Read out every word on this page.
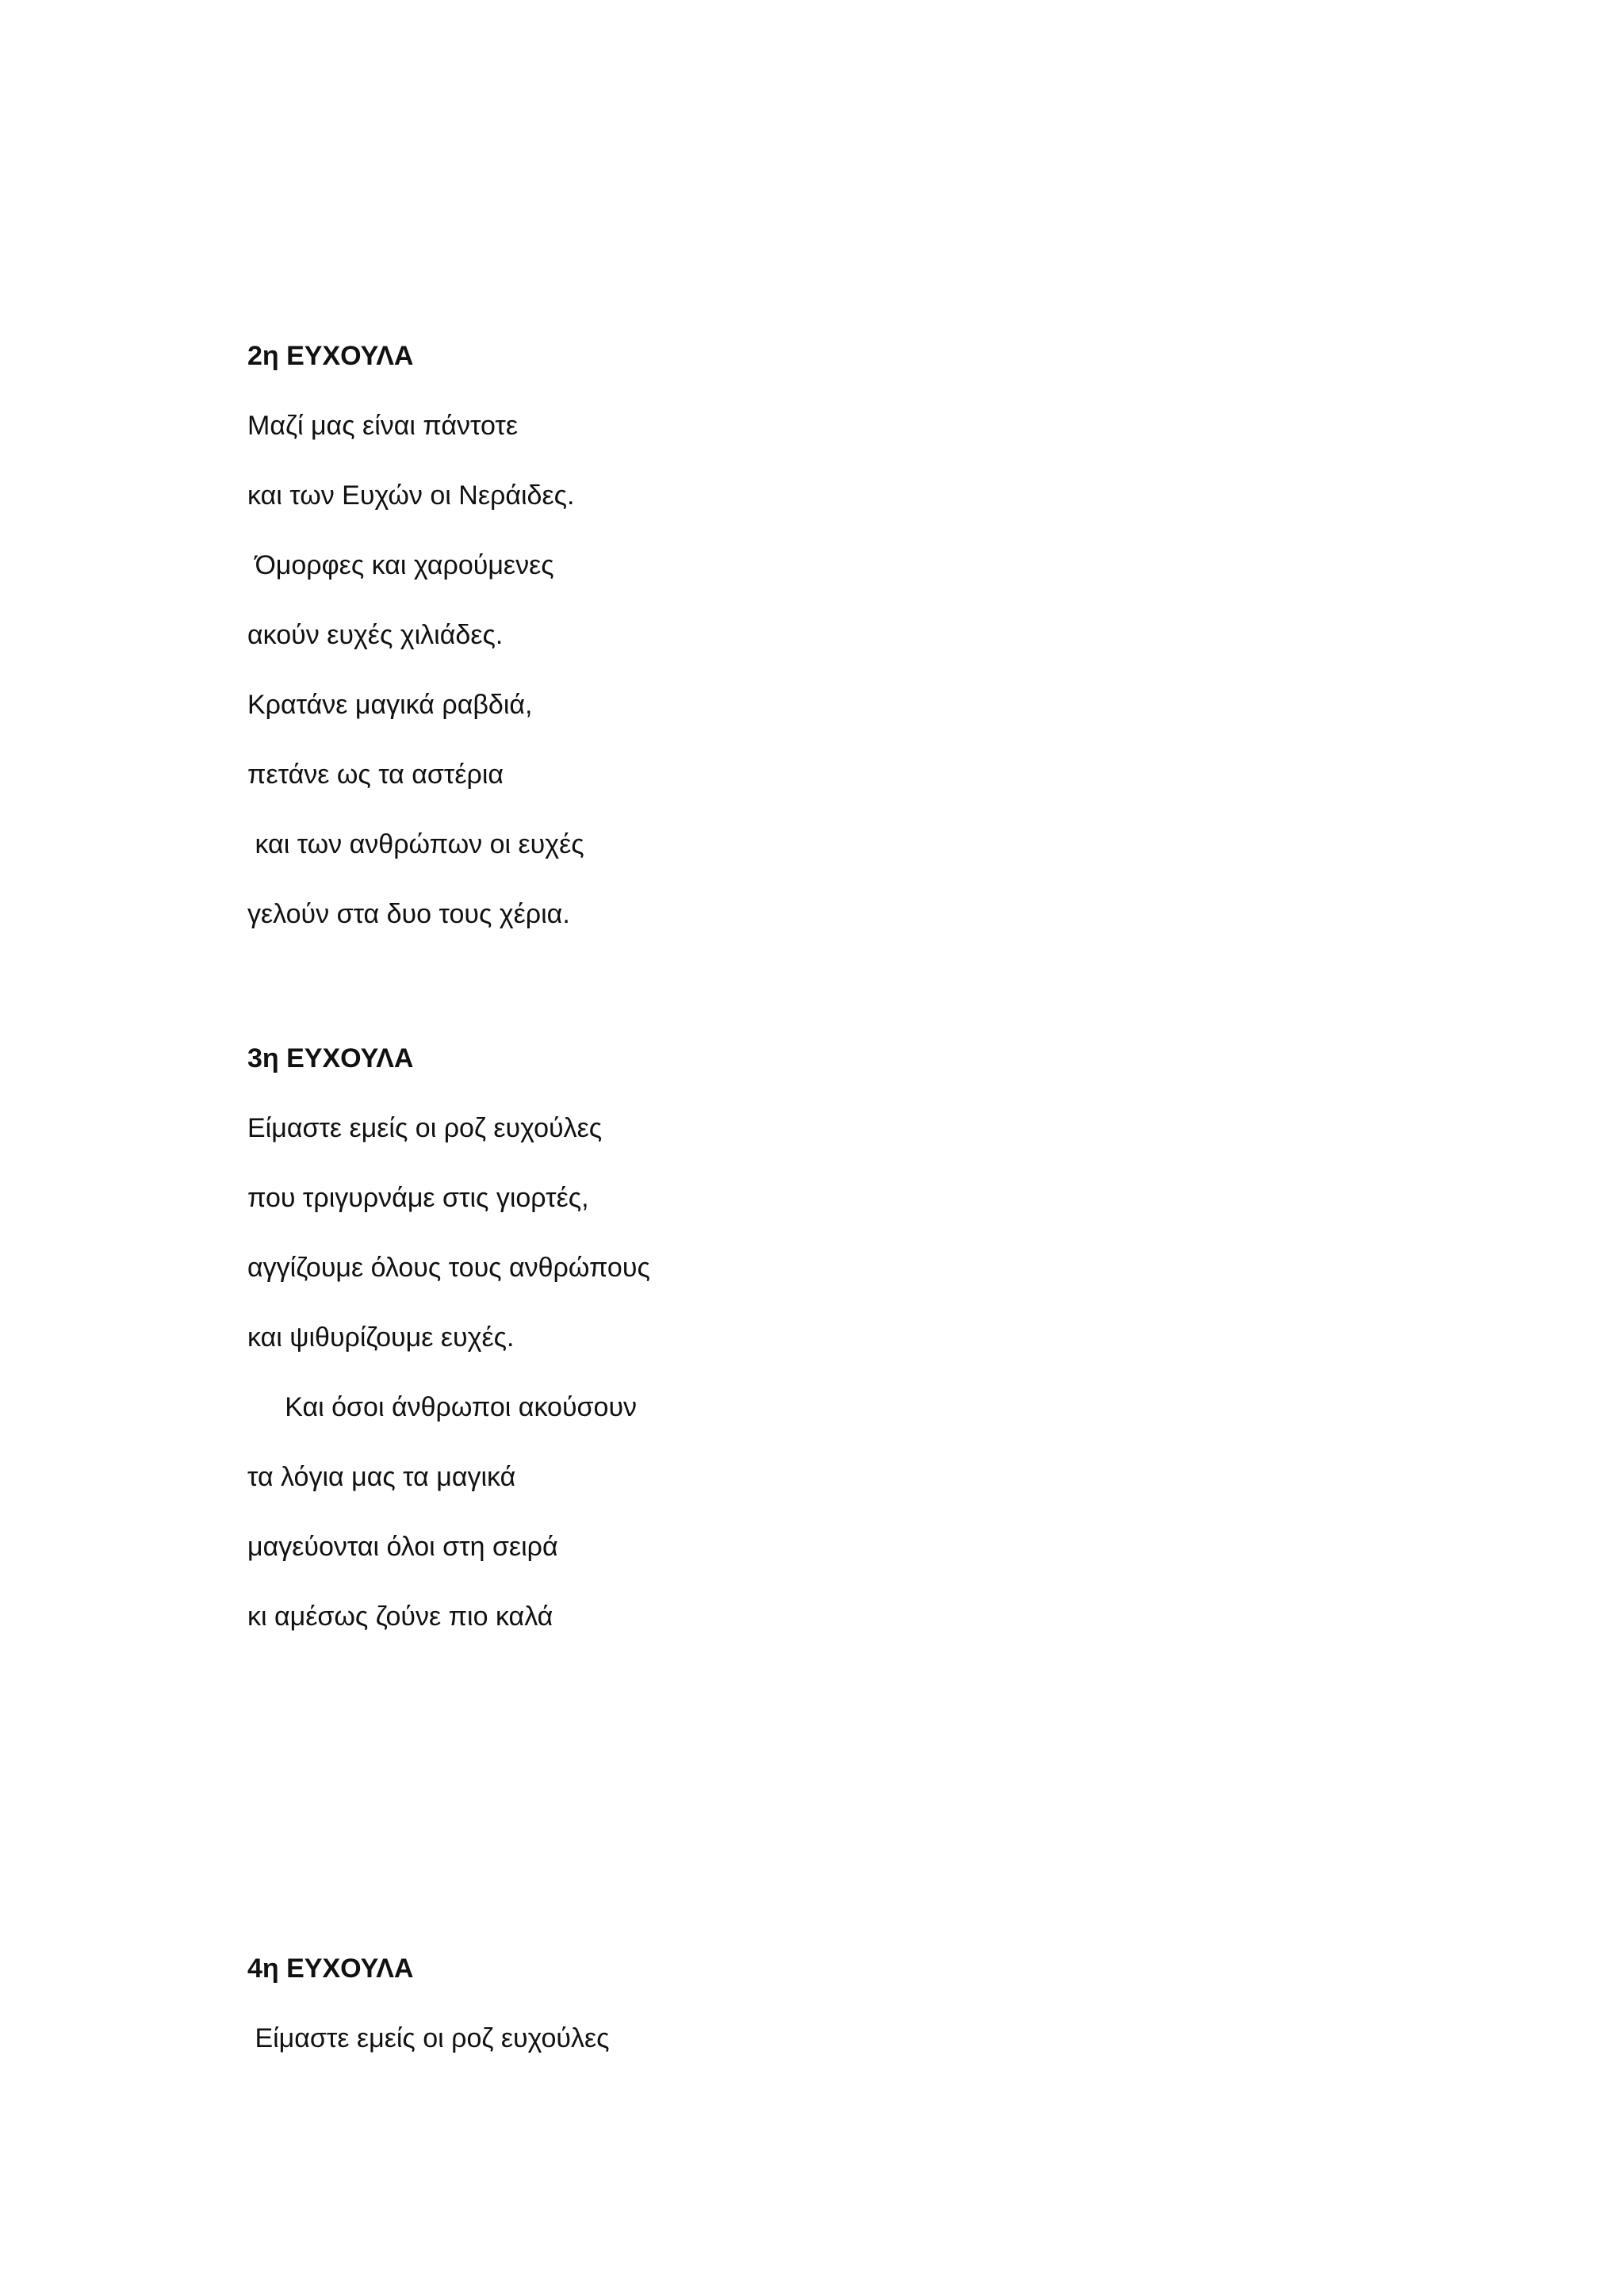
2η ΕΥΧΟΥΛΑ
Μαζί μας είναι πάντοτε
και των Ευχών οι Νεράιδες.
Όμορφες και χαρούμενες
ακούν ευχές χιλιάδες.
Κρατάνε μαγικά ραβδιά,
πετάνε ως τα αστέρια
και των ανθρώπων οι ευχές
γελούν στα δυο τους χέρια.
3η ΕΥΧΟΥΛΑ
Είμαστε εμείς οι ροζ ευχούλες
που τριγυρνάμε στις γιορτές,
αγγίζουμε όλους τους ανθρώπους
και ψιθυρίζουμε ευχές.
Και όσοι άνθρωποι ακούσουν
τα λόγια μας τα μαγικά
μαγεύονται όλοι στη σειρά
κι αμέσως ζούνε πιο καλά
4η ΕΥΧΟΥΛΑ
Είμαστε εμείς οι ροζ ευχούλες
